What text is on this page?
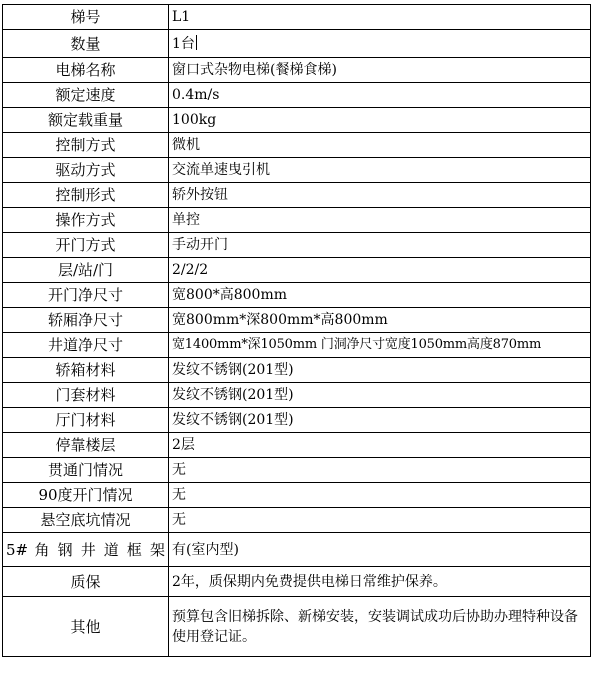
梯号	L1
数量	1台
电梯名称	窗口式杂物电梯(餐梯食梯)
额定速度	0.4m/s
额定载重量	100kg
控制方式	微机
驱动方式	交流单速曳引机
控制形式	轿外按钮
操作方式	单控
开门方式	手动开门
层/站/门	2/2/2
开门净尺寸	宽800*高800mm
轿厢净尺寸	宽800mm*深800mm*高800mm
井道净尺寸	宽1400mm*深1050mm 门洞净尺寸宽度1050mm高度870mm
轿箱材料	发纹不锈钢(201型)
门套材料	发纹不锈钢(201型)
厅门材料	发纹不锈钢(201型)
停靠楼层	2层
贯通门情况	无
90度开门情况	无
悬空底坑情况	无
5# 角 钢 井 道 框 架	有(室内型)
质保	2年，质保期内免费提供电梯日常维护保养。
其他	预算包含旧梯拆除、新梯安装，安装调试成功后协助办理特种设备使用登记证。
